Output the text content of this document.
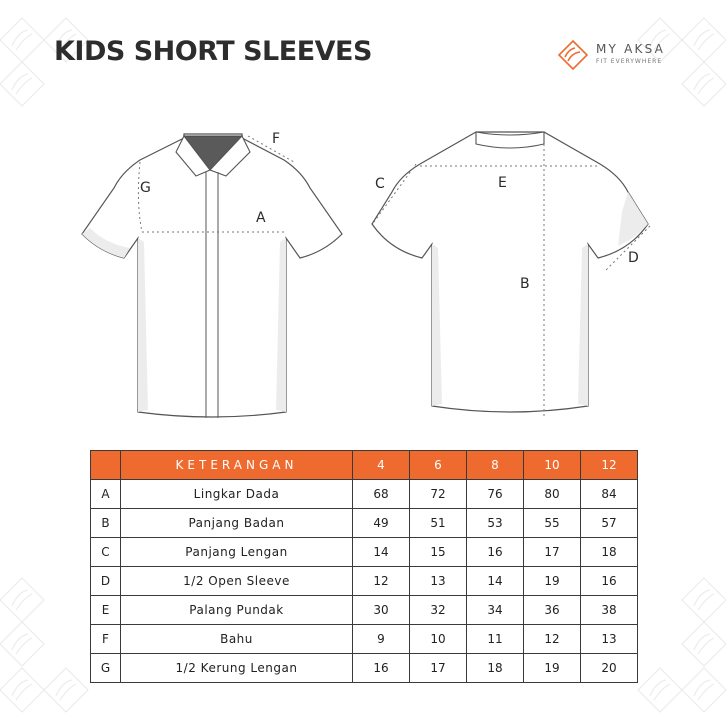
KIDS SHORT SLEEVES	MY AKSA
FIT EVERYWHERE
G
F
A
C	E
B
D
	KETERANGAN	4	6	8	10	12
A	Lingkar Dada	68	72	76	80	84
B	Panjang Badan	49	51	53	55	57
C	Panjang Lengan	14	15	16	17	18
D	1/2 Open Sleeve	12	13	14	19	16
E	Palang Pundak	30	32	34	36	38
F	Bahu	9	10	11	12	13
G	1/2 Kerung Lengan	16	17	18	19	20
